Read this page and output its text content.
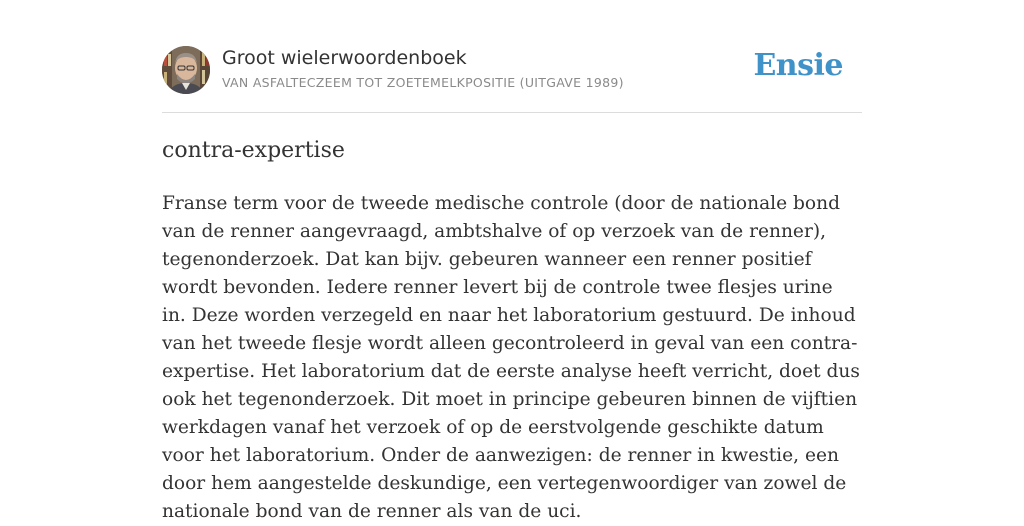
Groot wielerwoordenboek
VAN ASFALTECZEEM TOT ZOETEMELKPOSITIE (UITGAVE 1989)	Ensie
contra-expertise

Franse term voor de tweede medische controle (door de nationale bond van de renner aangevraagd, ambtshalve of op verzoek van de renner), tegenonderzoek. Dat kan bijv. gebeuren wanneer een renner positief wordt bevonden. Iedere renner levert bij de controle twee flesjes urine in. Deze worden verzegeld en naar het laboratorium gestuurd. De inhoud van het tweede flesje wordt alleen gecontroleerd in geval van een contra-expertise. Het laboratorium dat de eerste analyse heeft verricht, doet dus ook het tegenonderzoek. Dit moet in principe gebeuren binnen de vijftien werkdagen vanaf het verzoek of op de eerstvolgende geschikte datum voor het laboratorium. Onder de aanwezigen: de renner in kwestie, een door hem aangestelde deskundige, een vertegenwoordiger van zowel de nationale bond van de renner als van de uci.
